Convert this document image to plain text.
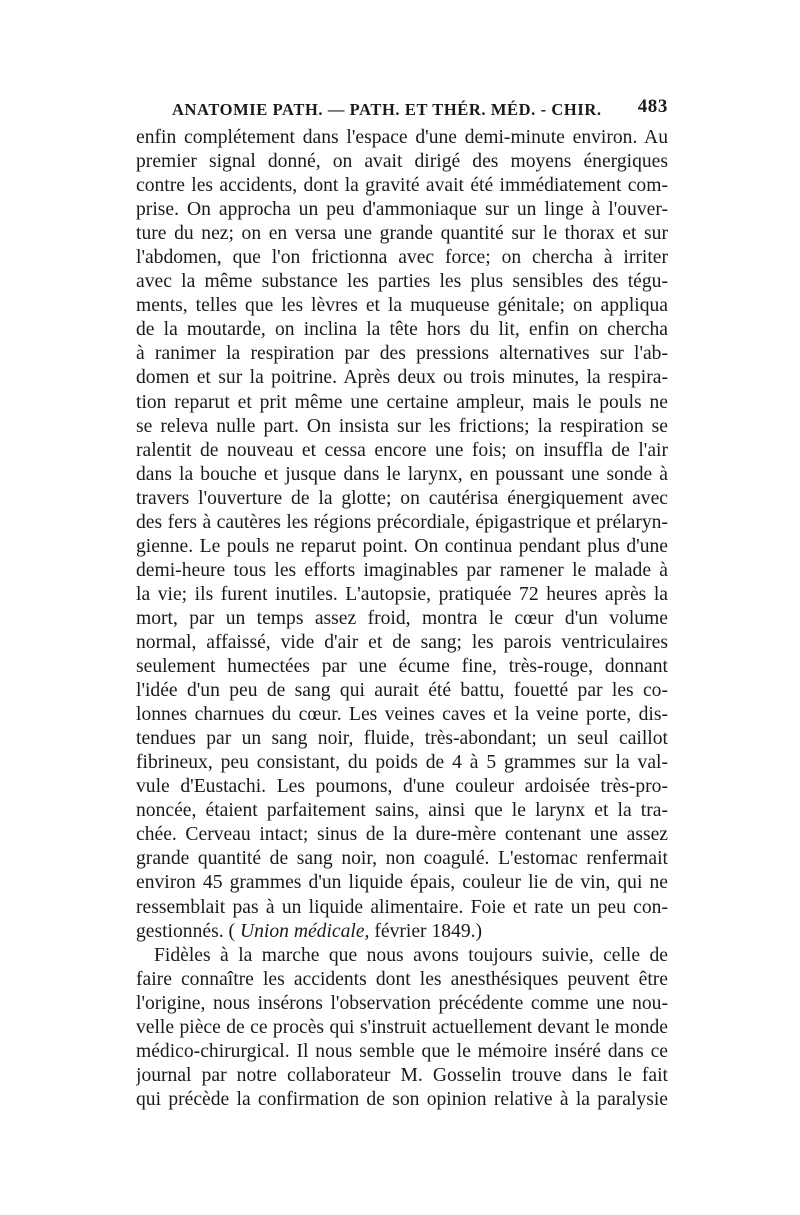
ANATOMIE PATH. — PATH. ET THÉR. MÉD. - CHIR. 483
enfin complétement dans l'espace d'une demi-minute environ. Au
premier signal donné, on avait dirigé des moyens énergiques
contre les accidents, dont la gravité avait été immédiatement com-
prise. On approcha un peu d'ammoniaque sur un linge à l'ouver-
ture du nez; on en versa une grande quantité sur le thorax et sur
l'abdomen, que l'on frictionna avec force; on chercha à irriter
avec la même substance les parties les plus sensibles des tégu-
ments, telles que les lèvres et la muqueuse génitale; on appliqua
de la moutarde, on inclina la tête hors du lit, enfin on chercha
à ranimer la respiration par des pressions alternatives sur l'ab-
domen et sur la poitrine. Après deux ou trois minutes, la respira-
tion reparut et prit même une certaine ampleur, mais le pouls ne
se releva nulle part. On insista sur les frictions; la respiration se
ralentit de nouveau et cessa encore une fois; on insuffla de l'air
dans la bouche et jusque dans le larynx, en poussant une sonde à
travers l'ouverture de la glotte; on cautérisa énergiquement avec
des fers à cautères les régions précordiale, épigastrique et prélaryn-
gienne. Le pouls ne reparut point. On continua pendant plus d'une
demi-heure tous les efforts imaginables par ramener le malade à
la vie; ils furent inutiles. L'autopsie, pratiquée 72 heures après la
mort, par un temps assez froid, montra le cœur d'un volume
normal, affaissé, vide d'air et de sang; les parois ventriculaires
seulement humectées par une écume fine, très-rouge, donnant
l'idée d'un peu de sang qui aurait été battu, fouetté par les co-
lonnes charnues du cœur. Les veines caves et la veine porte, dis-
tendues par un sang noir, fluide, très-abondant; un seul caillot
fibrineux, peu consistant, du poids de 4 à 5 grammes sur la val-
vule d'Eustachi. Les poumons, d'une couleur ardoisée très-pro-
noncée, étaient parfaitement sains, ainsi que le larynx et la tra-
chée. Cerveau intact; sinus de la dure-mère contenant une assez
grande quantité de sang noir, non coagulé. L'estomac renfermait
environ 45 grammes d'un liquide épais, couleur lie de vin, qui ne
ressemblait pas à un liquide alimentaire. Foie et rate un peu con-
gestionnés. ( Union médicale, février 1849.)
Fidèles à la marche que nous avons toujours suivie, celle de
faire connaître les accidents dont les anesthésiques peuvent être
l'origine, nous insérons l'observation précédente comme une nou-
velle pièce de ce procès qui s'instruit actuellement devant le monde
médico-chirurgical. Il nous semble que le mémoire inséré dans ce
journal par notre collaborateur M. Gosselin trouve dans le fait
qui précède la confirmation de son opinion relative à la paralysie
